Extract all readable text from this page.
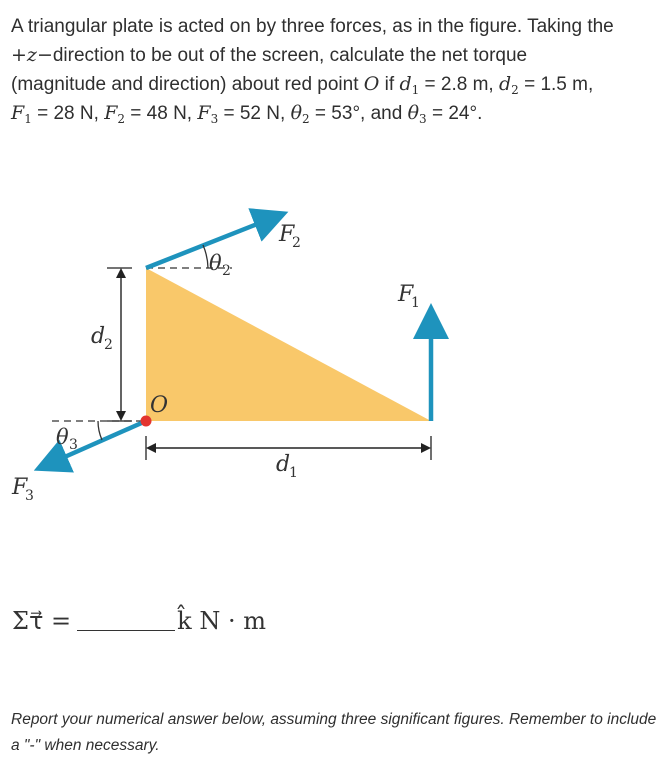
A triangular plate is acted on by three forces, as in the figure. Taking the
+z−direction to be out of the screen, calculate the net torque
(magnitude and direction) about red point O if $d_1 = 2.8$ m, $d_2 = 1.5$ m,
$F_1 = 28$ N, $F_2 = 48$ N, $F_3 = 52$ N, $\theta_2 = 53^\circ$, and $\theta_3 = 24^\circ$.
F
2
θ 2
F
1
d
2
O
θ 3
d
1
F
3
Στ⃗ =	k̂ N · m
Report your numerical answer below, assuming three significant figures. Remember to include
a "-" when necessary.
